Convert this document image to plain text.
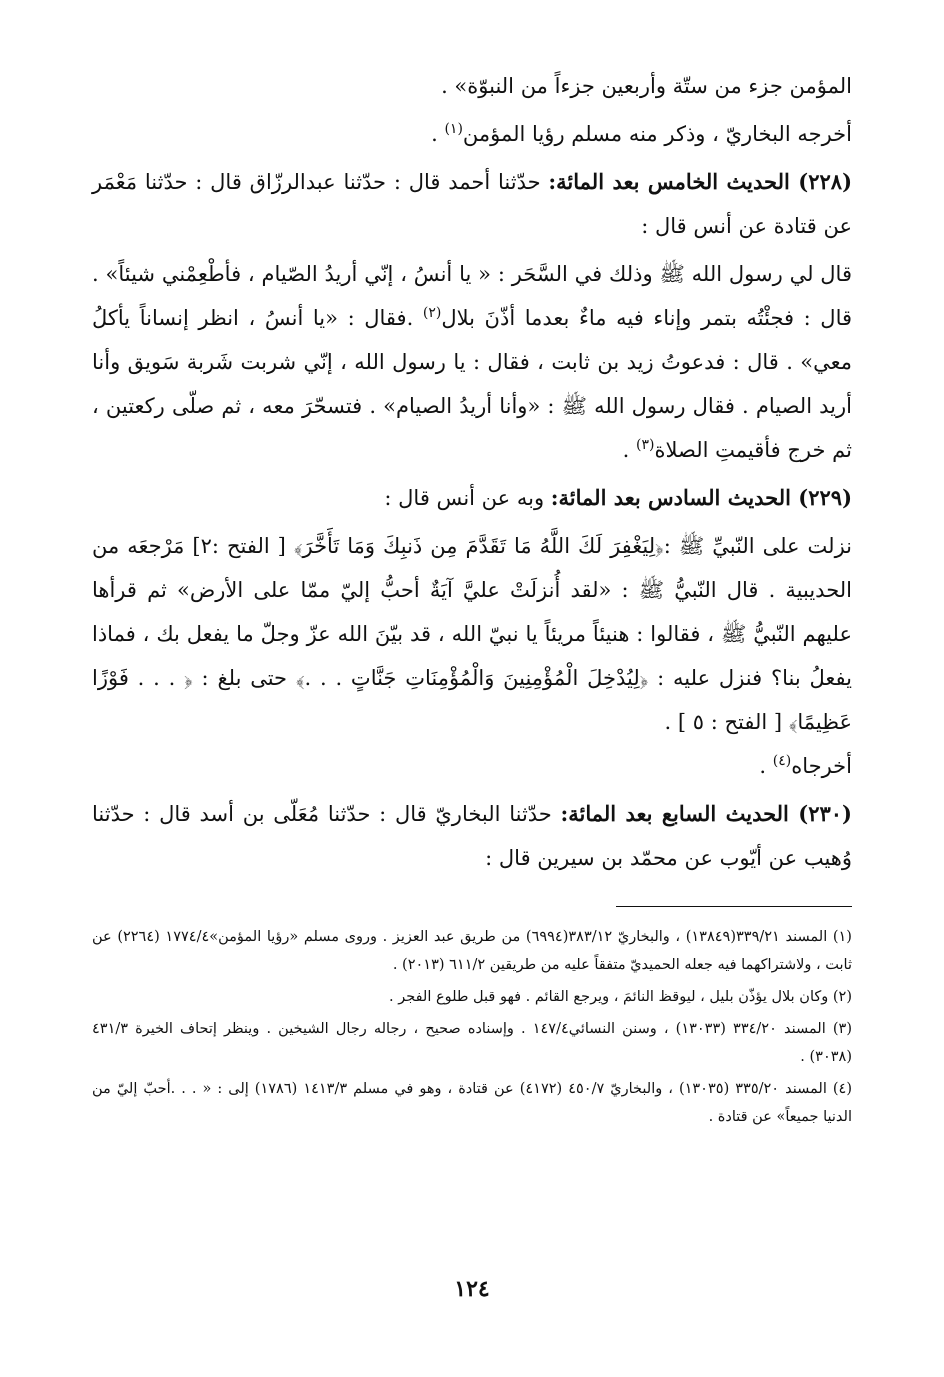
المؤمن جزء من ستّة وأربعين جزءاً من النبوّة» .

أخرجه البخاريّ ، وذكر منه مسلم رؤيا المؤمن$^{(١)}$ .

(٢٢٨) الحديث الخامس بعد المائة: حدّثنا أحمد قال : حدّثنا عبدالرزّاق قال : حدّثنا مَعْمَر عن قتادة عن أنس قال :

قال لي رسول الله ﷺ وذلك في السَّحَر : « يا أنسُ ، إنّي أريدُ الصّيام ، فأطْعِمْني شيئاً» . قال : فجئْتُه بتمر وإناء فيه ماءٌ بعدما أذّنَ بلال$^{(٢)}$ .فقال : «يا أنسُ ، انظر إنساناً يأكلُ معي» . قال : فدعوتُ زيد بن ثابت ، فقال : يا رسول الله ، إنّي شربت شَربة سَويق وأنا أريد الصيام . فقال رسول الله ﷺ : «وأنا أريدُ الصيام» . فتسحّرَ معه ، ثم صلّى ركعتين ، ثم خرج فأقيمتِ الصلاة$^{(٣)}$ .

(٢٢٩) الحديث السادس بعد المائة: وبه عن أنس قال :

نزلت على النّبيِّ ﷺ :﴿لِيَغْفِرَ لَكَ اللَّهُ مَا تَقَدَّمَ مِن ذَنبِكَ وَمَا تَأَخَّرَ﴾ [ الفتح :٢] مَرْجعَه من الحديبية . قال النّبيُّ ﷺ : «لقد أُنزلَتْ عليَّ آيَةٌ أحبُّ إليّ ممّا على الأرض» ثم قرأها عليهم النّبيُّ ﷺ ، فقالوا : هنيئاً مريئاً يا نبيّ الله ، قد بيّنَ الله عزّ وجلّ ما يفعل بك ، فماذا يفعلُ بنا؟ فنزل عليه : ﴿لِيُدْخِلَ الْمُؤْمِنِينَ وَالْمُؤْمِنَاتِ جَنَّاتٍ . . .﴾ حتى بلغ : ﴿ . . . فَوْزًا عَظِيمًا﴾ [ الفتح : ٥ ] .

أخرجاه$^{(٤)}$ .

(٢٣٠) الحديث السابع بعد المائة: حدّثنا البخاريّ قال : حدّثنا مُعَلّى بن أسد قال : حدّثنا وُهيب عن أيّوب عن محمّد بن سيرين قال :

(١) المسند ٣٣٩/٢١(١٣٨٤٩) ، والبخاريّ ٣٨٣/١٢(٦٩٩٤) من طريق عبد العزيز . وروى مسلم «رؤيا المؤمن»١٧٧٤/٤ (٢٢٦٤) عن ثابت ، ولاشتراكهما فيه جعله الحميديّ متفقاً عليه من طريقين ٦١١/٢ (٢٠١٣) .

(٢) وكان بلال يؤذّن بليل ، ليوقظ النائمَ ، ويرجع القائم . فهو قبل طلوع الفجر .

(٣) المسند ٣٣٤/٢٠ (١٣٠٣٣) ، وسنن النسائي١٤٧/٤ . وإسناده صحيح ، رجاله رجال الشيخين . وينظر إتحاف الخيرة ٤٣١/٣ (٣٠٣٨) .

(٤) المسند ٣٣٥/٢٠ (١٣٠٣٥) ، والبخاريّ ٤٥٠/٧ (٤١٧٢) عن قتادة ، وهو في مسلم ١٤١٣/٣ (١٧٨٦) إلى : « . . .أحبّ إليّ من الدنيا جميعاً» عن قتادة .

١٢٤
